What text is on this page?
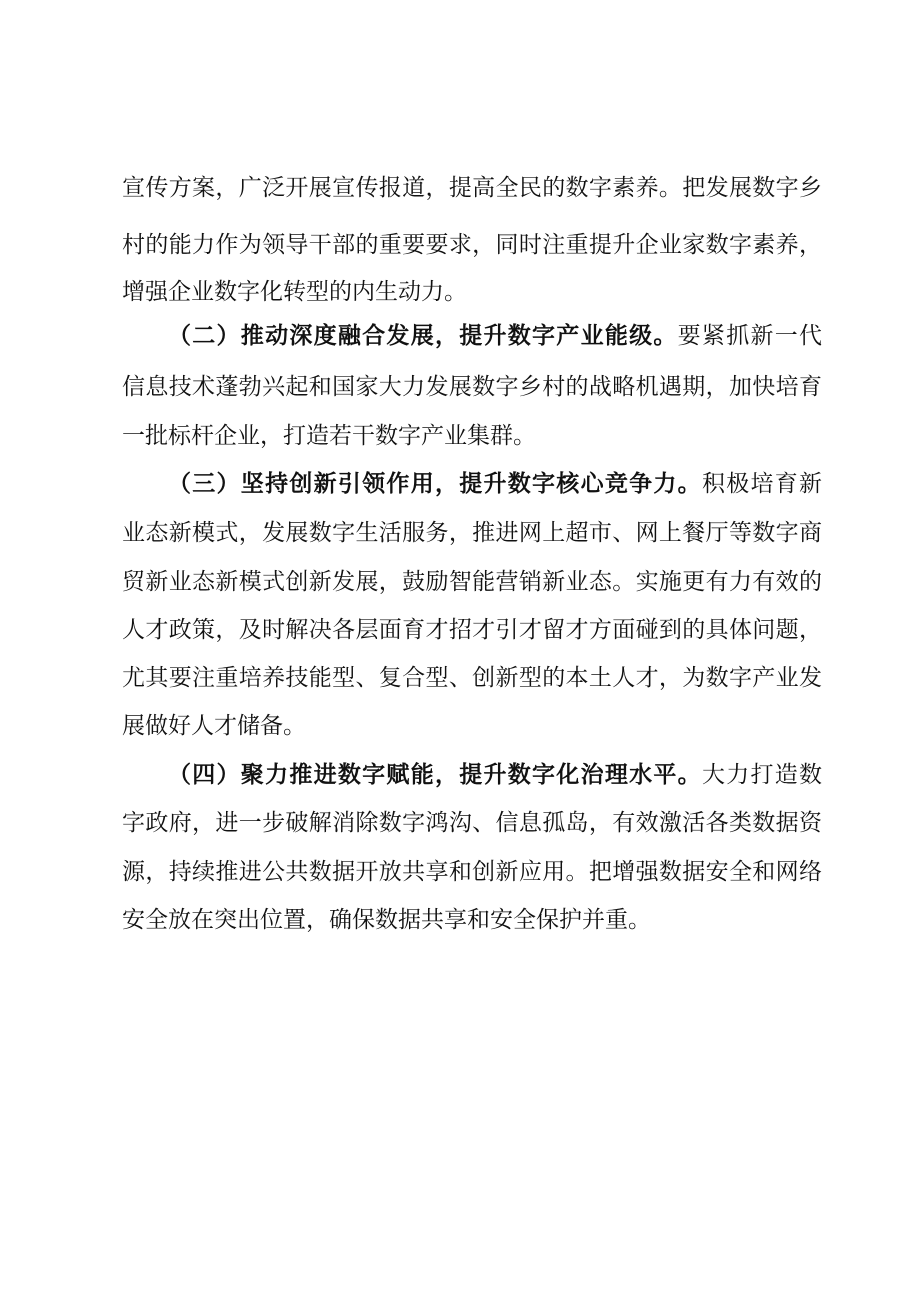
宣传方案，广泛开展宣传报道，提高全民的数字素养。把发展数字乡
村的能力作为领导干部的重要要求，同时注重提升企业家数字素养，
增强企业数字化转型的内生动力。
（二）推动深度融合发展，提升数字产业能级。要紧抓新一代
信息技术蓬勃兴起和国家大力发展数字乡村的战略机遇期，加快培育
一批标杆企业，打造若干数字产业集群。
（三）坚持创新引领作用，提升数字核心竞争力。积极培育新
业态新模式，发展数字生活服务，推进网上超市、网上餐厅等数字商
贸新业态新模式创新发展，鼓励智能营销新业态。实施更有力有效的
人才政策，及时解决各层面育才招才引才留才方面碰到的具体问题，
尤其要注重培养技能型、复合型、创新型的本土人才，为数字产业发
展做好人才储备。
（四）聚力推进数字赋能，提升数字化治理水平。大力打造数
字政府，进一步破解消除数字鸿沟、信息孤岛，有效激活各类数据资
源，持续推进公共数据开放共享和创新应用。把增强数据安全和网络
安全放在突出位置，确保数据共享和安全保护并重。
